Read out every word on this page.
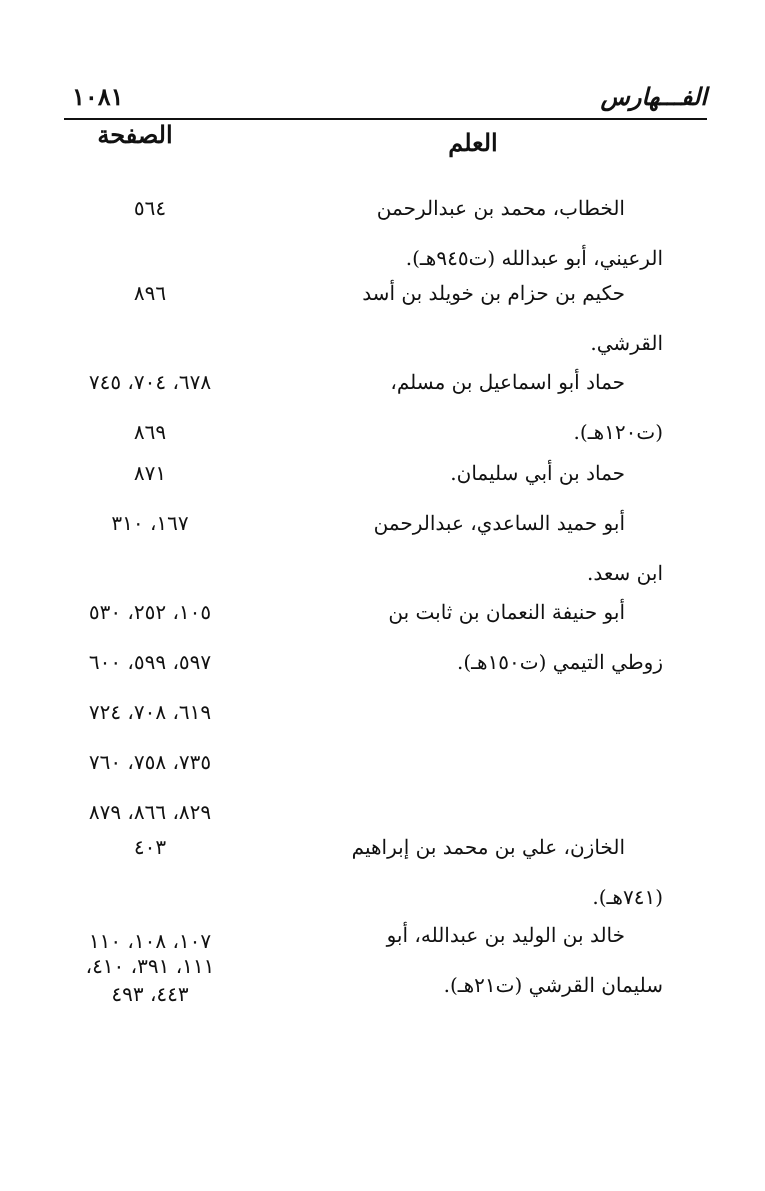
الفـــهارس
١٠٨١
العلم
الصفحة
الخطاب، محمد بن عبدالرحمن
الرعيني، أبو عبدالله (ت٩٤٥هـ).
٥٦٤
حكيم بن حزام بن خويلد بن أسد
القرشي.
٨٩٦
حماد أبو اسماعيل بن مسلم،
(ت١٢٠هـ).
٦٧٨، ٧٠٤، ٧٤٥
٨٦٩
حماد بن أبي سليمان.
٨٧١
أبو حميد الساعدي، عبدالرحمن
ابن سعد.
١٦٧، ٣١٠
أبو حنيفة النعمان بن ثابت بن
زوطي التيمي (ت١٥٠هـ).
١٠٥، ٢٥٢، ٥٣٠
٥٩٧، ٥٩٩، ٦٠٠
٦١٩، ٧٠٨، ٧٢٤
٧٣٥، ٧٥٨، ٧٦٠
٨٢٩، ٨٦٦، ٨٧٩
الخازن، علي بن محمد بن إبراهيم
(٧٤١هـ).
٤٠٣
خالد بن الوليد بن عبدالله، أبو
سليمان القرشي (ت٢١هـ).
١٠٧، ١٠٨، ١١٠
١١١، ٣٩١، ٤١٠،
٤٤٣، ٤٩٣
